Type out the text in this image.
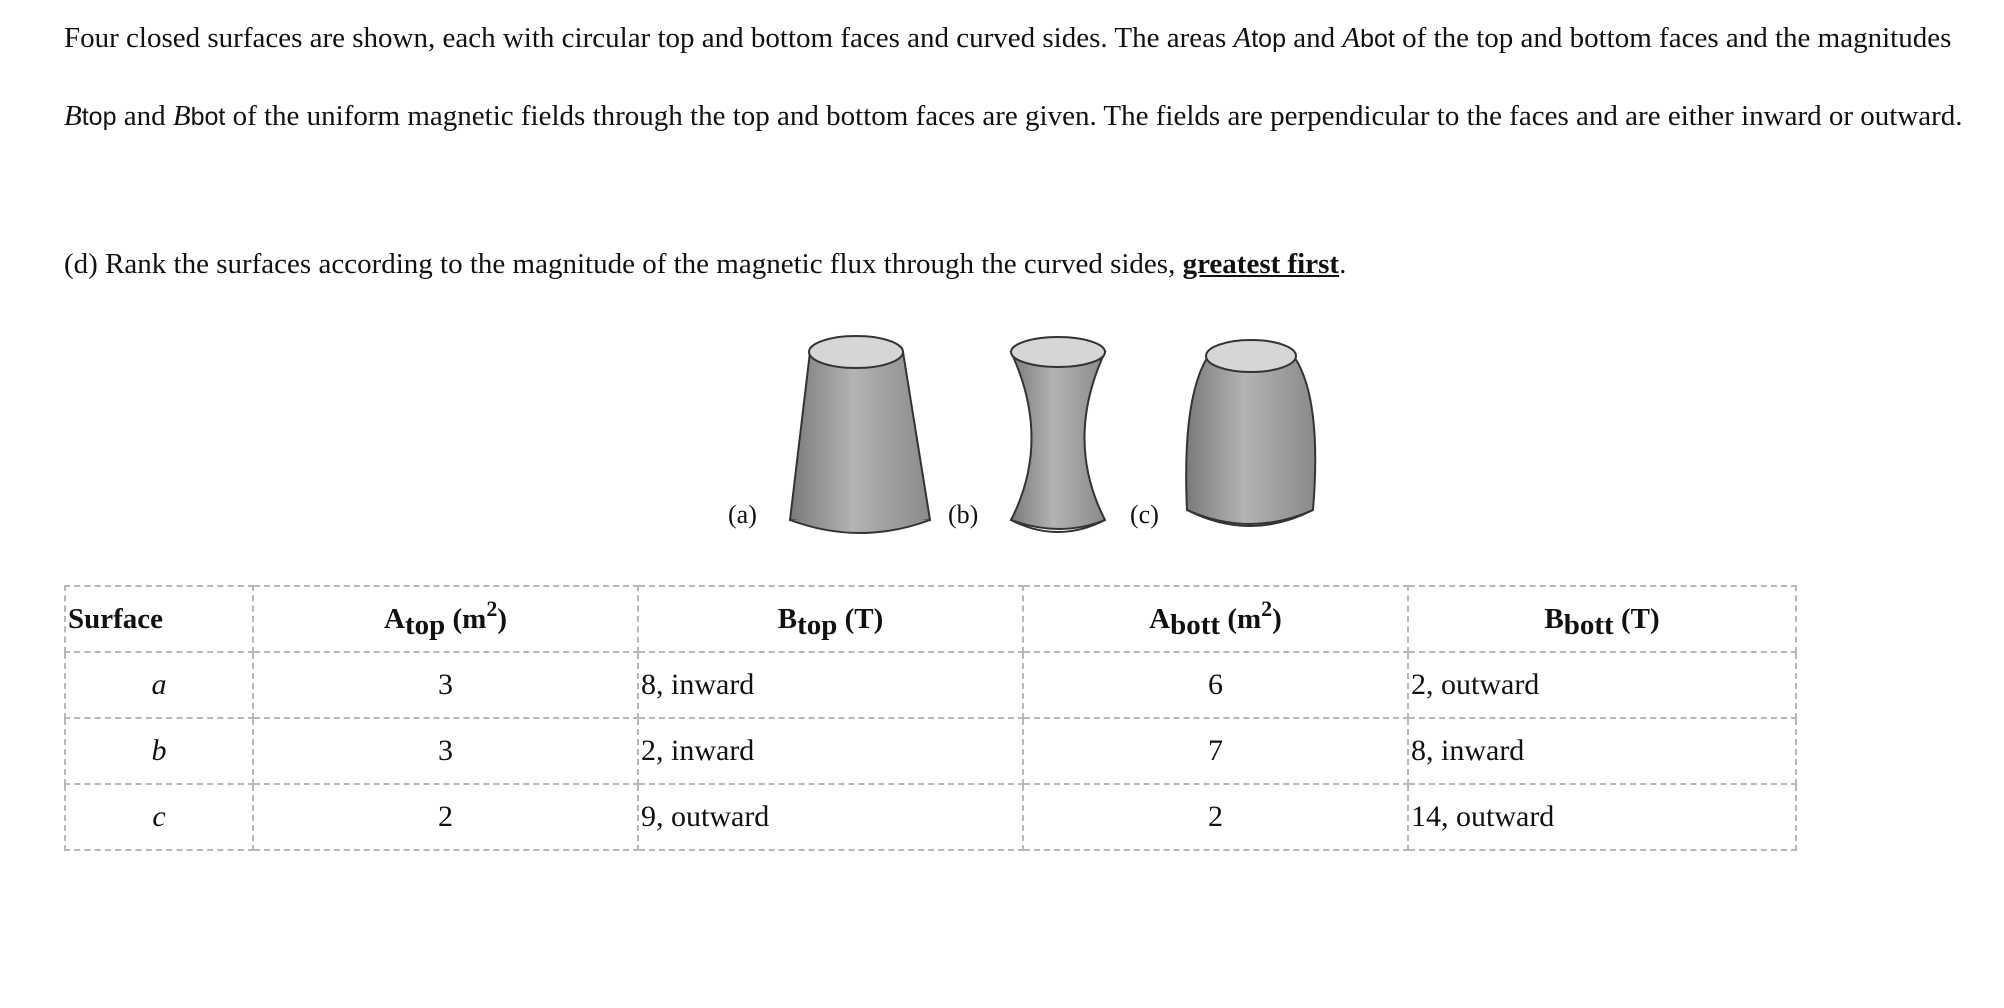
Four closed surfaces are shown, each with circular top and bottom faces and curved sides. The areas Atop and Abot of the top and bottom faces and the magnitudes Btop and Bbot of the uniform magnetic fields through the top and bottom faces are given. The fields are perpendicular to the faces and are either inward or outward.
(d) Rank the surfaces according to the magnitude of the magnetic flux through the curved sides, greatest first.
(a)	(b)	(c)
Surface	Atop $(m^2)$	Btop (T)	Abott $(m^2)$	Bbott (T)
a	3	8, inward	6	2, outward
b	3	2, inward	7	8, inward
c	2	9, outward	2	14, outward
